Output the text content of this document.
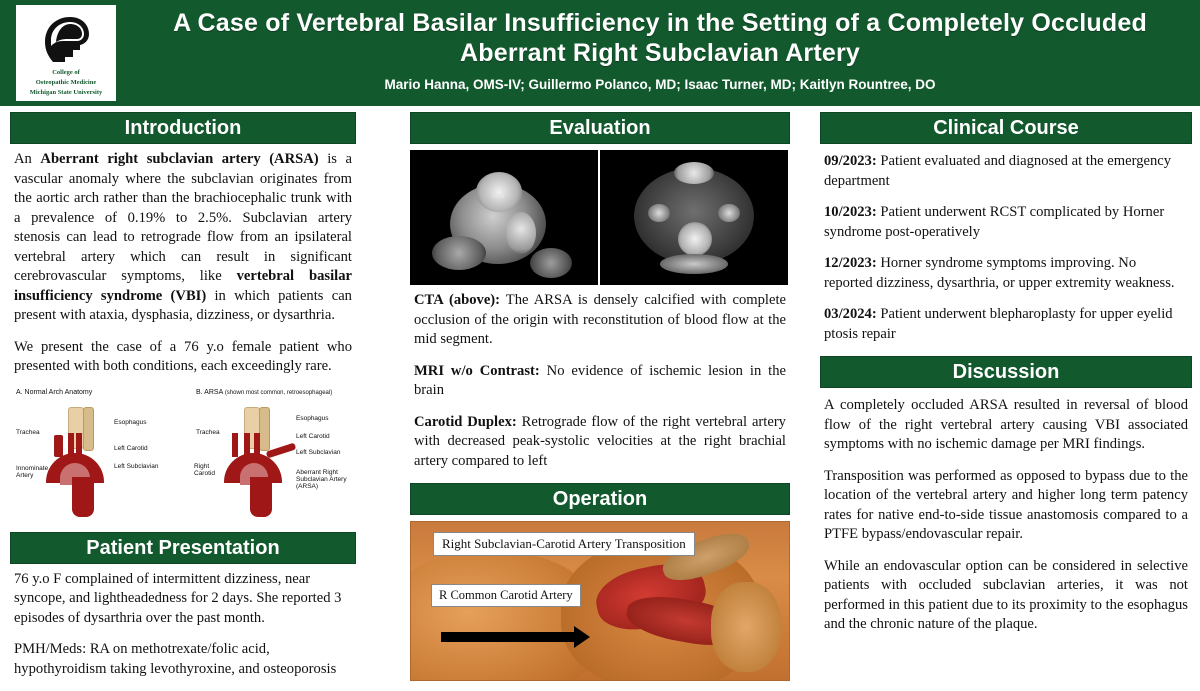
College of
Osteopathic Medicine
Michigan State University
A Case of Vertebral Basilar Insufficiency in the Setting of a Completely Occluded Aberrant Right Subclavian Artery
Mario Hanna, OMS-IV; Guillermo Polanco, MD; Isaac Turner, MD; Kaitlyn Rountree, DO
Introduction

An Aberrant right subclavian artery (ARSA) is a vascular anomaly where the subclavian originates from the aortic arch rather than the brachiocephalic trunk with a prevalence of 0.19% to 2.5%. Subclavian artery stenosis can lead to retrograde flow from an ipsilateral vertebral artery which can result in significant cerebrovascular symptoms, like vertebral basilar insufficiency syndrome (VBI) in which patients can present with ataxia, dysphasia, dizziness, or dysarthria.

We present the case of a 76 y.o female patient who presented with both conditions, each exceedingly rare.

A. Normal Arch Anatomy	B. ARSA (shown most common, retroesophageal)
Trachea
Esophagus
Left Carotid
Left Subclavian
Innominate Artery
Trachea
Esophagus
Left Carotid
Left Subclavian
Right Carotid	Aberrant Right Subclavian Artery (ARSA)
Patient Presentation

76 y.o F complained of intermittent dizziness, near syncope, and lightheadedness for 2 days. She reported 3 episodes of dysarthria over the past month.

PMH/Meds: RA on methotrexate/folic acid, hypothyroidism taking levothyroxine, and osteoporosis

Evaluation
Arch

CTA (above): The ARSA is densely calcified with complete occlusion of the origin with reconstitution of blood flow at the mid segment.

MRI w/o Contrast: No evidence of ischemic lesion in the brain

Carotid Duplex: Retrograde flow of the right vertebral artery with decreased peak-systolic velocities at the right brachial artery compared to left

Operation
Right Subclavian-Carotid Artery Transposition
R Common Carotid Artery
Clinical Course

09/2023: Patient evaluated and diagnosed at the emergency department

10/2023: Patient underwent RCST complicated by Horner syndrome post-operatively

12/2023: Horner syndrome symptoms improving. No reported dizziness, dysarthria, or upper extremity weakness.

03/2024: Patient underwent blepharoplasty for upper eyelid ptosis repair

Discussion

A completely occluded ARSA resulted in reversal of blood flow of the right vertebral artery causing VBI associated symptoms with no ischemic damage per MRI findings.

Transposition was performed as opposed to bypass due to the location of the vertebral artery and higher long term patency rates for native end-to-side tissue anastomosis compared to a PTFE bypass/endovascular repair.

While an endovascular option can be considered in selective patients with occluded subclavian arteries, it was not performed in this patient due to its proximity to the esophagus and the chronic nature of the plaque.
